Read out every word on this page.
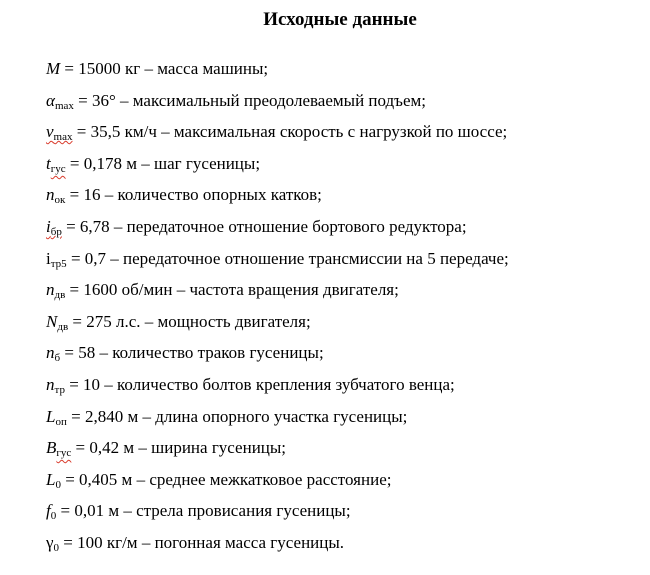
Исходные данные
M = 15000 кг – масса машины;
$\alpha_{max} = 36^\circ$ – максимальный преодолеваемый подъем;
$v_{max} = 35,5$ км/ч – максимальная скорость с нагрузкой по шоссе;
$t_{гус} = 0,178$ м – шаг гусеницы;
$n_{ок} = 16$ – количество опорных катков;
$i_{бр} = 6,78$ – передаточное отношение бортового редуктора;
$i_{тр5} = 0,7$ – передаточное отношение трансмиссии на 5 передаче;
$n_{дв} = 1600$ об/мин – частота вращения двигателя;
$N_{дв} = 275$ л.с. – мощность двигателя;
$n_б = 58$ – количество траков гусеницы;
$n_{тр} = 10$ – количество болтов крепления зубчатого венца;
$L_{оп} = 2,840$ м – длина опорного участка гусеницы;
$B_{гус} = 0,42$ м – ширина гусеницы;
$L_0 = 0,405$ м – среднее межкатковое расстояние;
$f_0 = 0,01$ м – стрела провисания гусеницы;
$\gamma_0 = 100$ кг/м – погонная масса гусеницы.
